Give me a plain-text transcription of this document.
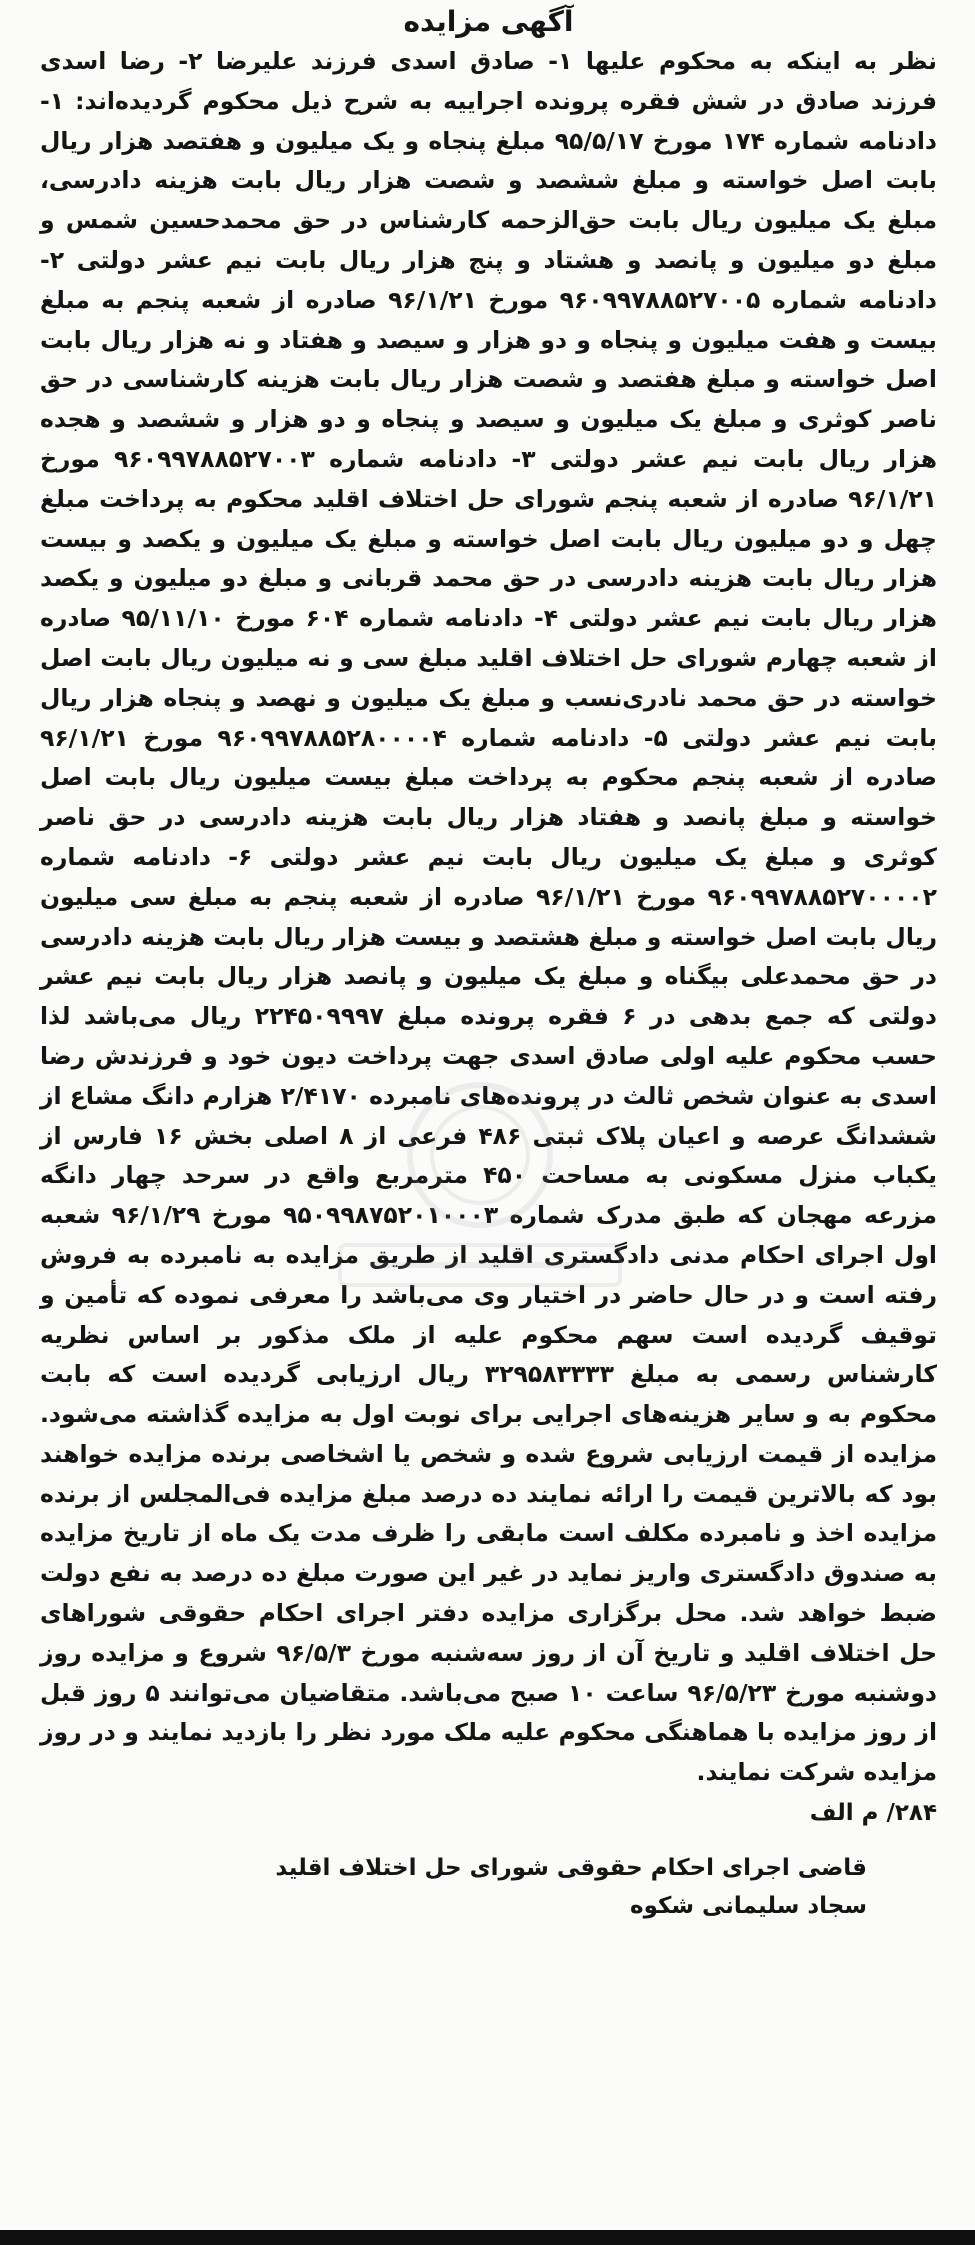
آگهی مزایده

نظر به اینکه به محکوم علیها ۱- صادق اسدی فرزند علیرضا ۲- رضا اسدی فرزند صادق در شش فقره پرونده اجراییه به شرح ذیل محکوم گردیده‌اند: ۱- دادنامه شماره ۱۷۴ مورخ ۹۵/۵/۱۷ مبلغ پنجاه و یک میلیون و هفتصد هزار ریال بابت اصل خواسته و مبلغ ششصد و شصت هزار ریال بابت هزینه دادرسی، مبلغ یک میلیون ریال بابت حق‌الزحمه کارشناس در حق محمدحسین شمس و مبلغ دو میلیون و پانصد و هشتاد و پنج هزار ریال بابت نیم عشر دولتی ۲- دادنامه شماره ۹۶۰۹۹۷۸۸۵۲۷۰۰۵ مورخ ۹۶/۱/۲۱ صادره از شعبه پنجم به مبلغ بیست و هفت میلیون و پنجاه و دو هزار و سیصد و هفتاد و نه هزار ریال بابت اصل خواسته و مبلغ هفتصد و شصت هزار ریال بابت هزینه کارشناسی در حق ناصر کوثری و مبلغ یک میلیون و سیصد و پنجاه و دو هزار و ششصد و هجده هزار ریال بابت نیم عشر دولتی ۳- دادنامه شماره ۹۶۰۹۹۷۸۸۵۲۷۰۰۳ مورخ ۹۶/۱/۲۱ صادره از شعبه پنجم شورای حل اختلاف اقلید محکوم به پرداخت مبلغ چهل و دو میلیون ریال بابت اصل خواسته و مبلغ یک میلیون و یکصد و بیست هزار ریال بابت هزینه دادرسی در حق محمد قربانی و مبلغ دو میلیون و یکصد هزار ریال بابت نیم عشر دولتی ۴- دادنامه شماره ۶۰۴ مورخ ۹۵/۱۱/۱۰ صادره از شعبه چهارم شورای حل اختلاف اقلید مبلغ سی و نه میلیون ریال بابت اصل خواسته در حق محمد نادری‌نسب و مبلغ یک میلیون و نهصد و پنجاه هزار ریال بابت نیم عشر دولتی ۵- دادنامه شماره ۹۶۰۹۹۷۸۸۵۲۸۰۰۰۰۴ مورخ ۹۶/۱/۲۱ صادره از شعبه پنجم محکوم به پرداخت مبلغ بیست میلیون ریال بابت اصل خواسته و مبلغ پانصد و هفتاد هزار ریال بابت هزینه دادرسی در حق ناصر کوثری و مبلغ یک میلیون ریال بابت نیم عشر دولتی ۶- دادنامه شماره ۹۶۰۹۹۷۸۸۵۲۷۰۰۰۰۲ مورخ ۹۶/۱/۲۱ صادره از شعبه پنجم به مبلغ سی میلیون ریال بابت اصل خواسته و مبلغ هشتصد و بیست هزار ریال بابت هزینه دادرسی در حق محمدعلی بیگناه و مبلغ یک میلیون و پانصد هزار ریال بابت نیم عشر دولتی که جمع بدهی در ۶ فقره پرونده مبلغ ۲۲۴۵۰۹۹۹۷ ریال می‌باشد لذا حسب محکوم علیه اولی صادق اسدی جهت پرداخت دیون خود و فرزندش رضا اسدی به عنوان شخص ثالث در پرونده‌های نامبرده ۲/۴۱۷۰ هزارم دانگ مشاع از ششدانگ عرصه و اعیان پلاک ثبتی ۴۸۶ فرعی از ۸ اصلی بخش ۱۶ فارس از یکباب منزل مسکونی به مساحت ۴۵۰ مترمربع واقع در سرحد چهار دانگه مزرعه مهجان که طبق مدرک شماره ۹۵۰۹۹۸۷۵۲۰۱۰۰۰۳ مورخ ۹۶/۱/۲۹ شعبه اول اجرای احکام مدنی دادگستری اقلید از طریق مزایده به نامبرده به فروش رفته است و در حال حاضر در اختیار وی می‌باشد را معرفی نموده که تأمین و توقیف گردیده است سهم محکوم علیه از ملک مذکور بر اساس نظریه کارشناس رسمی به مبلغ ۳۲۹۵۸۳۳۳۳ ریال ارزیابی گردیده است که بابت محکوم به و سایر هزینه‌های اجرایی برای نوبت اول به مزایده گذاشته می‌شود. مزایده از قیمت ارزیابی شروع شده و شخص یا اشخاصی برنده مزایده خواهند بود که بالاترین قیمت را ارائه نمایند ده درصد مبلغ مزایده فی‌المجلس از برنده مزایده اخذ و نامبرده مکلف است مابقی را ظرف مدت یک ماه از تاریخ مزایده به صندوق دادگستری واریز نماید در غیر این صورت مبلغ ده درصد به نفع دولت ضبط خواهد شد. محل برگزاری مزایده دفتر اجرای احکام حقوقی شوراهای حل اختلاف اقلید و تاریخ آن از روز سه‌شنبه مورخ ۹۶/۵/۳ شروع و مزایده روز دوشنبه مورخ ۹۶/۵/۲۳ ساعت ۱۰ صبح می‌باشد. متقاضیان می‌توانند ۵ روز قبل از روز مزایده با هماهنگی محکوم علیه ملک مورد نظر را بازدید نمایند و در روز مزایده شرکت نمایند.

۲۸۴/ م الف
قاضی اجرای احکام حقوقی شورای حل اختلاف اقلید
سجاد سلیمانی شکوه
